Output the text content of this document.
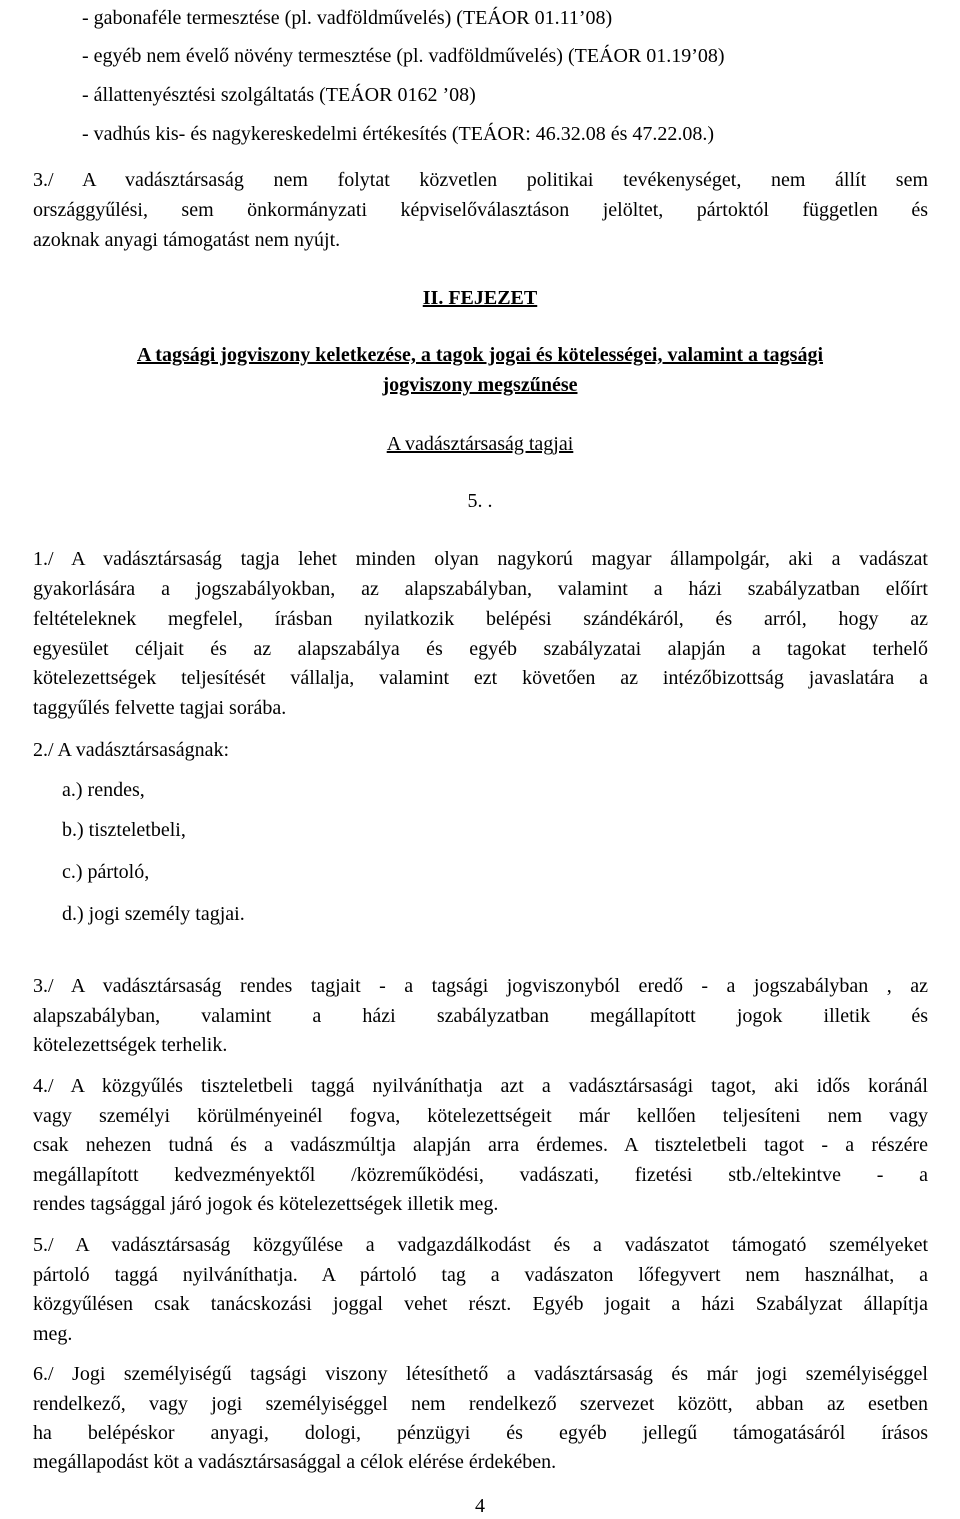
- gabonaféle termesztése (pl. vadföldművelés) (TEÁOR 01.11’08)
- egyéb nem évelő növény termesztése (pl. vadföldművelés) (TEÁOR 01.19’08)
- állattenyésztési szolgáltatás (TEÁOR 0162 ’08)
- vadhús kis- és nagykereskedelmi értékesítés (TEÁOR: 46.32.08 és 47.22.08.)
3./ A vadásztársaság nem folytat közvetlen politikai tevékenységet, nem állít sem
országgyűlési, sem önkormányzati képviselőválasztáson jelöltet, pártoktól független és
azoknak anyagi támogatást nem nyújt.
II. FEJEZET
A tagsági jogviszony keletkezése, a tagok jogai és kötelességei, valamint a tagsági
jogviszony megszűnése
A vadásztársaság tagjai
5. .
1./ A vadásztársaság tagja lehet minden olyan nagykorú magyar állampolgár, aki a vadászat
gyakorlására a jogszabályokban, az alapszabályban, valamint a házi szabályzatban előírt
feltételeknek megfelel, írásban nyilatkozik belépési szándékáról, és arról, hogy az
egyesület céljait és az alapszabálya és egyéb szabályzatai alapján a tagokat terhelő
kötelezettségek teljesítését vállalja, valamint ezt követően az intézőbizottság javaslatára a
taggyűlés felvette tagjai sorába.
2./ A vadásztársaságnak:
a.) rendes,
b.) tiszteletbeli,
c.) pártoló,
d.) jogi személy tagjai.
3./ A vadásztársaság rendes tagjait - a tagsági jogviszonyból eredő - a jogszabályban , az
alapszabályban, valamint a házi szabályzatban megállapított jogok illetik és
kötelezettségek terhelik.
4./ A közgyűlés tiszteletbeli taggá nyilváníthatja azt a vadásztársasági tagot, aki idős koránál
vagy személyi körülményeinél fogva, kötelezettségeit már kellően teljesíteni nem vagy
csak nehezen tudná és a vadászmúltja alapján arra érdemes. A tiszteletbeli tagot - a részére
megállapított kedvezményektől /közreműködési, vadászati, fizetési stb./eltekintve - a
rendes tagsággal járó jogok és kötelezettségek illetik meg.
5./ A vadásztársaság közgyűlése a vadgazdálkodást és a vadászatot támogató személyeket
pártoló taggá nyilváníthatja. A pártoló tag a vadászaton lőfegyvert nem használhat, a
közgyűlésen csak tanácskozási joggal vehet részt. Egyéb jogait a házi Szabályzat állapítja
meg.
6./ Jogi személyiségű tagsági viszony létesíthető a vadásztársaság és már jogi személyiséggel
rendelkező, vagy jogi személyiséggel nem rendelkező szervezet között, abban az esetben
ha belépéskor anyagi, dologi, pénzügyi és egyéb jellegű támogatásáról írásos
megállapodást köt a vadásztársasággal a célok elérése érdekében.
4
